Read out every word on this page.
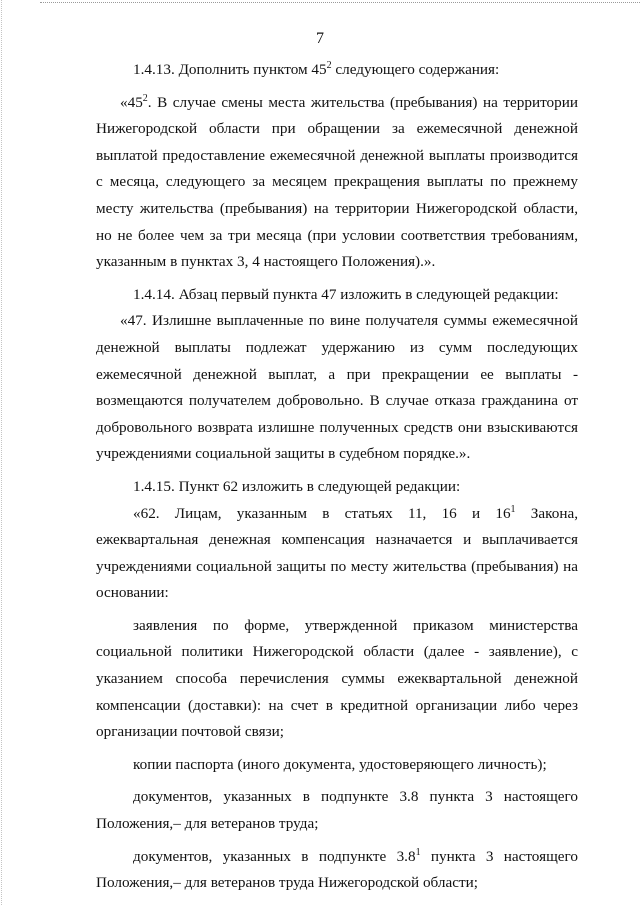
7

1.4.13. Дополнить пунктом $45^2$ следующего содержания:

«$45^2$. В случае смены места жительства (пребывания) на территории Нижегородской области при обращении за ежемесячной денежной выплатой предоставление ежемесячной денежной выплаты производится с месяца, следующего за месяцем прекращения выплаты по прежнему месту жительства (пребывания) на территории Нижегородской области, но не более чем за три месяца (при условии соответствия требованиям, указанным в пунктах 3, 4 настоящего Положения).».

1.4.14. Абзац первый пункта 47 изложить в следующей редакции:

«47. Излишне выплаченные по вине получателя суммы ежемесячной денежной выплаты подлежат удержанию из сумм последующих ежемесячной денежной выплат, а при прекращении ее выплаты - возмещаются получателем добровольно. В случае отказа гражданина от добровольного возврата излишне полученных средств они взыскиваются учреждениями социальной защиты в судебном порядке.».

1.4.15. Пункт 62 изложить в следующей редакции:

«62. Лицам, указанным в статьях 11, 16 и $16^1$ Закона, ежеквартальная денежная компенсация назначается и выплачивается учреждениями социальной защиты по месту жительства (пребывания) на основании:

заявления по форме, утвержденной приказом министерства социальной политики Нижегородской области (далее - заявление), с указанием способа перечисления суммы ежеквартальной денежной компенсации (доставки): на счет в кредитной организации либо через организации почтовой связи;

копии паспорта (иного документа, удостоверяющего личность);

документов, указанных в подпункте 3.8 пункта 3 настоящего Положения,– для ветеранов труда;

документов, указанных в подпункте $3.8^1$ пункта 3 настоящего Положения,– для ветеранов труда Нижегородской области;
